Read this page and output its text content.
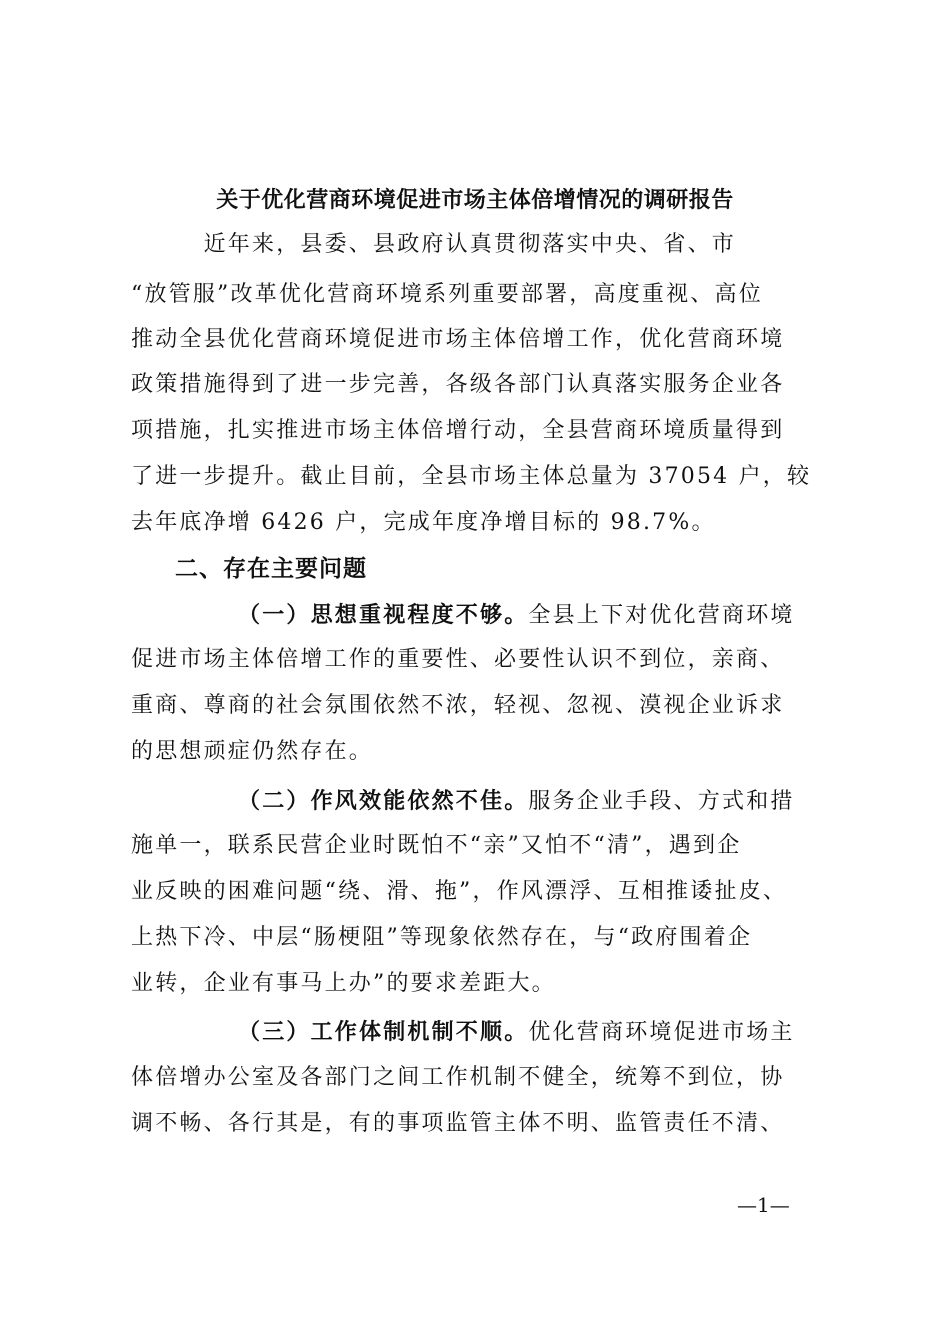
关于优化营商环境促进市场主体倍增情况的调研报告
　　　近年来，县委、县政府认真贯彻落实中央、省、市
“放管服”改革优化营商环境系列重要部署，高度重视、高位
推动全县优化营商环境促进市场主体倍增工作，优化营商环境
政策措施得到了进一步完善，各级各部门认真落实服务企业各
项措施，扎实推进市场主体倍增行动，全县营商环境质量得到
了进一步提升。截止目前，全县市场主体总量为 37054 户，较
去年底净增 6426 户，完成年度净增目标的 98.7%。
二、存在主要问题
（一）思想重视程度不够。全县上下对优化营商环境
促进市场主体倍增工作的重要性、必要性认识不到位，亲商、
重商、尊商的社会氛围依然不浓，轻视、忽视、漠视企业诉求
的思想顽症仍然存在。
（二）作风效能依然不佳。服务企业手段、方式和措
施单一，联系民营企业时既怕不“亲”又怕不“清”，遇到企
业反映的困难问题“绕、滑、拖”，作风漂浮、互相推诿扯皮、
上热下冷、中层“肠梗阻”等现象依然存在，与“政府围着企
业转，企业有事马上办”的要求差距大。
（三）工作体制机制不顺。优化营商环境促进市场主
体倍增办公室及各部门之间工作机制不健全，统筹不到位，协
调不畅、各行其是，有的事项监管主体不明、监管责任不清、
—1—
